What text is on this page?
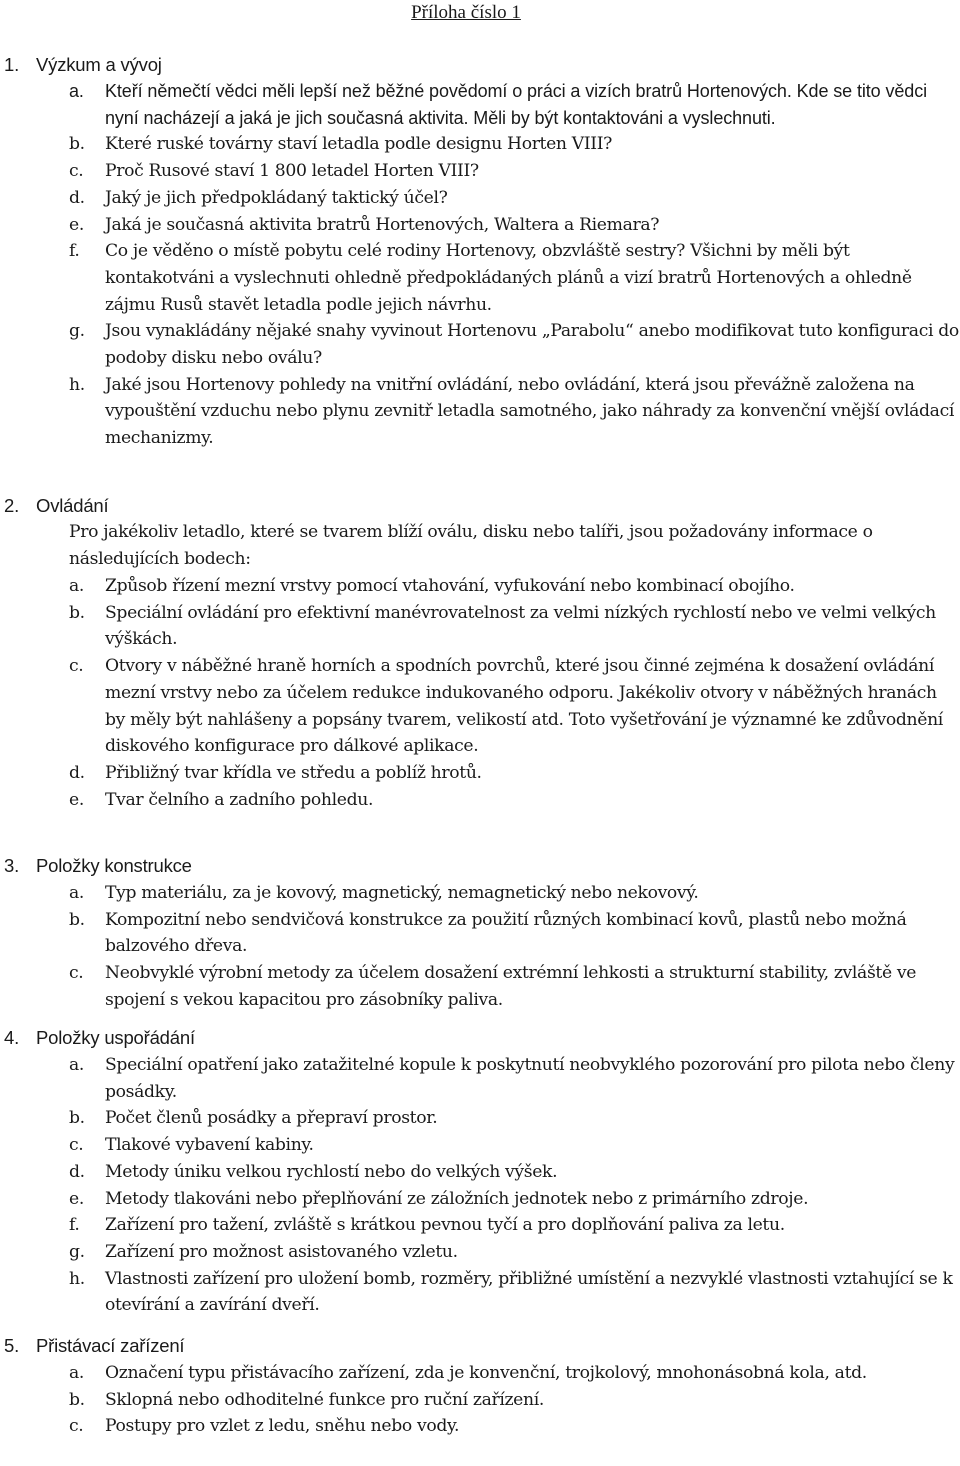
Příloha číslo 1
1. Výzkum a vývoj
a.	Kteří němečtí vědci měli lepší než běžné povědomí o práci a vizích bratrů Hortenových. Kde se tito vědci nyní nacházejí a jaká je jich současná aktivita. Měli by být kontaktováni a vyslechnuti.
b.	Které ruské továrny staví letadla podle designu Horten VIII?
c.	Proč Rusové staví 1 800 letadel Horten VIII?
d.	Jaký je jich předpokládaný taktický účel?
e.	Jaká je současná aktivita bratrů Hortenových, Waltera a Riemara?
f.	Co je věděno o místě pobytu celé rodiny Hortenovy, obzvláště sestry? Všichni by měli být kontakotváni a vyslechnuti ohledně předpokládaných plánů a vizí bratrů Hortenových a ohledně zájmu Rusů stavět letadla podle jejich návrhu.
g.	Jsou vynakládány nějaké snahy vyvinout Hortenovu „Parabolu“ anebo modifikovat tuto konfiguraci do podoby disku nebo oválu?
h.	Jaké jsou Hortenovy pohledy na vnitřní ovládání, nebo ovládání, která jsou převážně založena na vypouštění vzduchu nebo plynu zevnitř letadla samotného, jako náhrady za konvenční vnější ovládací mechanizmy.
2. Ovládání
Pro jakékoliv letadlo, které se tvarem blíží oválu, disku nebo talíři, jsou požadovány informace o následujících bodech:
a.	Způsob řízení mezní vrstvy pomocí vtahování, vyfukování nebo kombinací obojího.
b.	Speciální ovládání pro efektivní manévrovatelnost za velmi nízkých rychlostí nebo ve velmi velkých výškách.
c.	Otvory v náběžné hraně horních a spodních povrchů, které jsou činné zejména k dosažení ovládání mezní vrstvy nebo za účelem redukce indukovaného odporu. Jakékoliv otvory v náběžných hranách by měly být nahlášeny a popsány tvarem, velikostí atd. Toto vyšetřování je významné ke zdůvodnění diskového konfigurace pro dálkové aplikace.
d.	Přibližný tvar křídla ve středu a poblíž hrotů.
e.	Tvar čelního a zadního pohledu.
3. Položky konstrukce
a.	Typ materiálu, za je kovový, magnetický, nemagnetický nebo nekovový.
b.	Kompozitní nebo sendvičová konstrukce za použití různých kombinací kovů, plastů nebo možná balzového dřeva.
c.	Neobvyklé výrobní metody za účelem dosažení extrémní lehkosti a strukturní stability, zvláště ve spojení s vekou kapacitou pro zásobníky paliva.
4. Položky uspořádání
a.	Speciální opatření jako zatažitelné kopule k poskytnutí neobvyklého pozorování pro pilota nebo členy posádky.
b.	Počet členů posádky a přepraví prostor.
c.	Tlakové vybavení kabiny.
d.	Metody úniku velkou rychlostí nebo do velkých výšek.
e.	Metody tlakováni nebo přeplňování ze záložních jednotek nebo z primárního zdroje.
f.	Zařízení pro tažení, zvláště s krátkou pevnou tyčí a pro doplňování paliva za letu.
g.	Zařízení pro možnost asistovaného vzletu.
h.	Vlastnosti zařízení pro uložení bomb, rozměry, přibližné umístění a nezvyklé vlastnosti vztahující se k otevírání a zavírání dveří.
5. Přistávací zařízení
a.	Označení typu přistávacího zařízení, zda je konvenční, trojkolový, mnohonásobná kola, atd.
b.	Sklopná nebo odhoditelné funkce pro ruční zařízení.
c.	Postupy pro vzlet z ledu, sněhu nebo vody.
